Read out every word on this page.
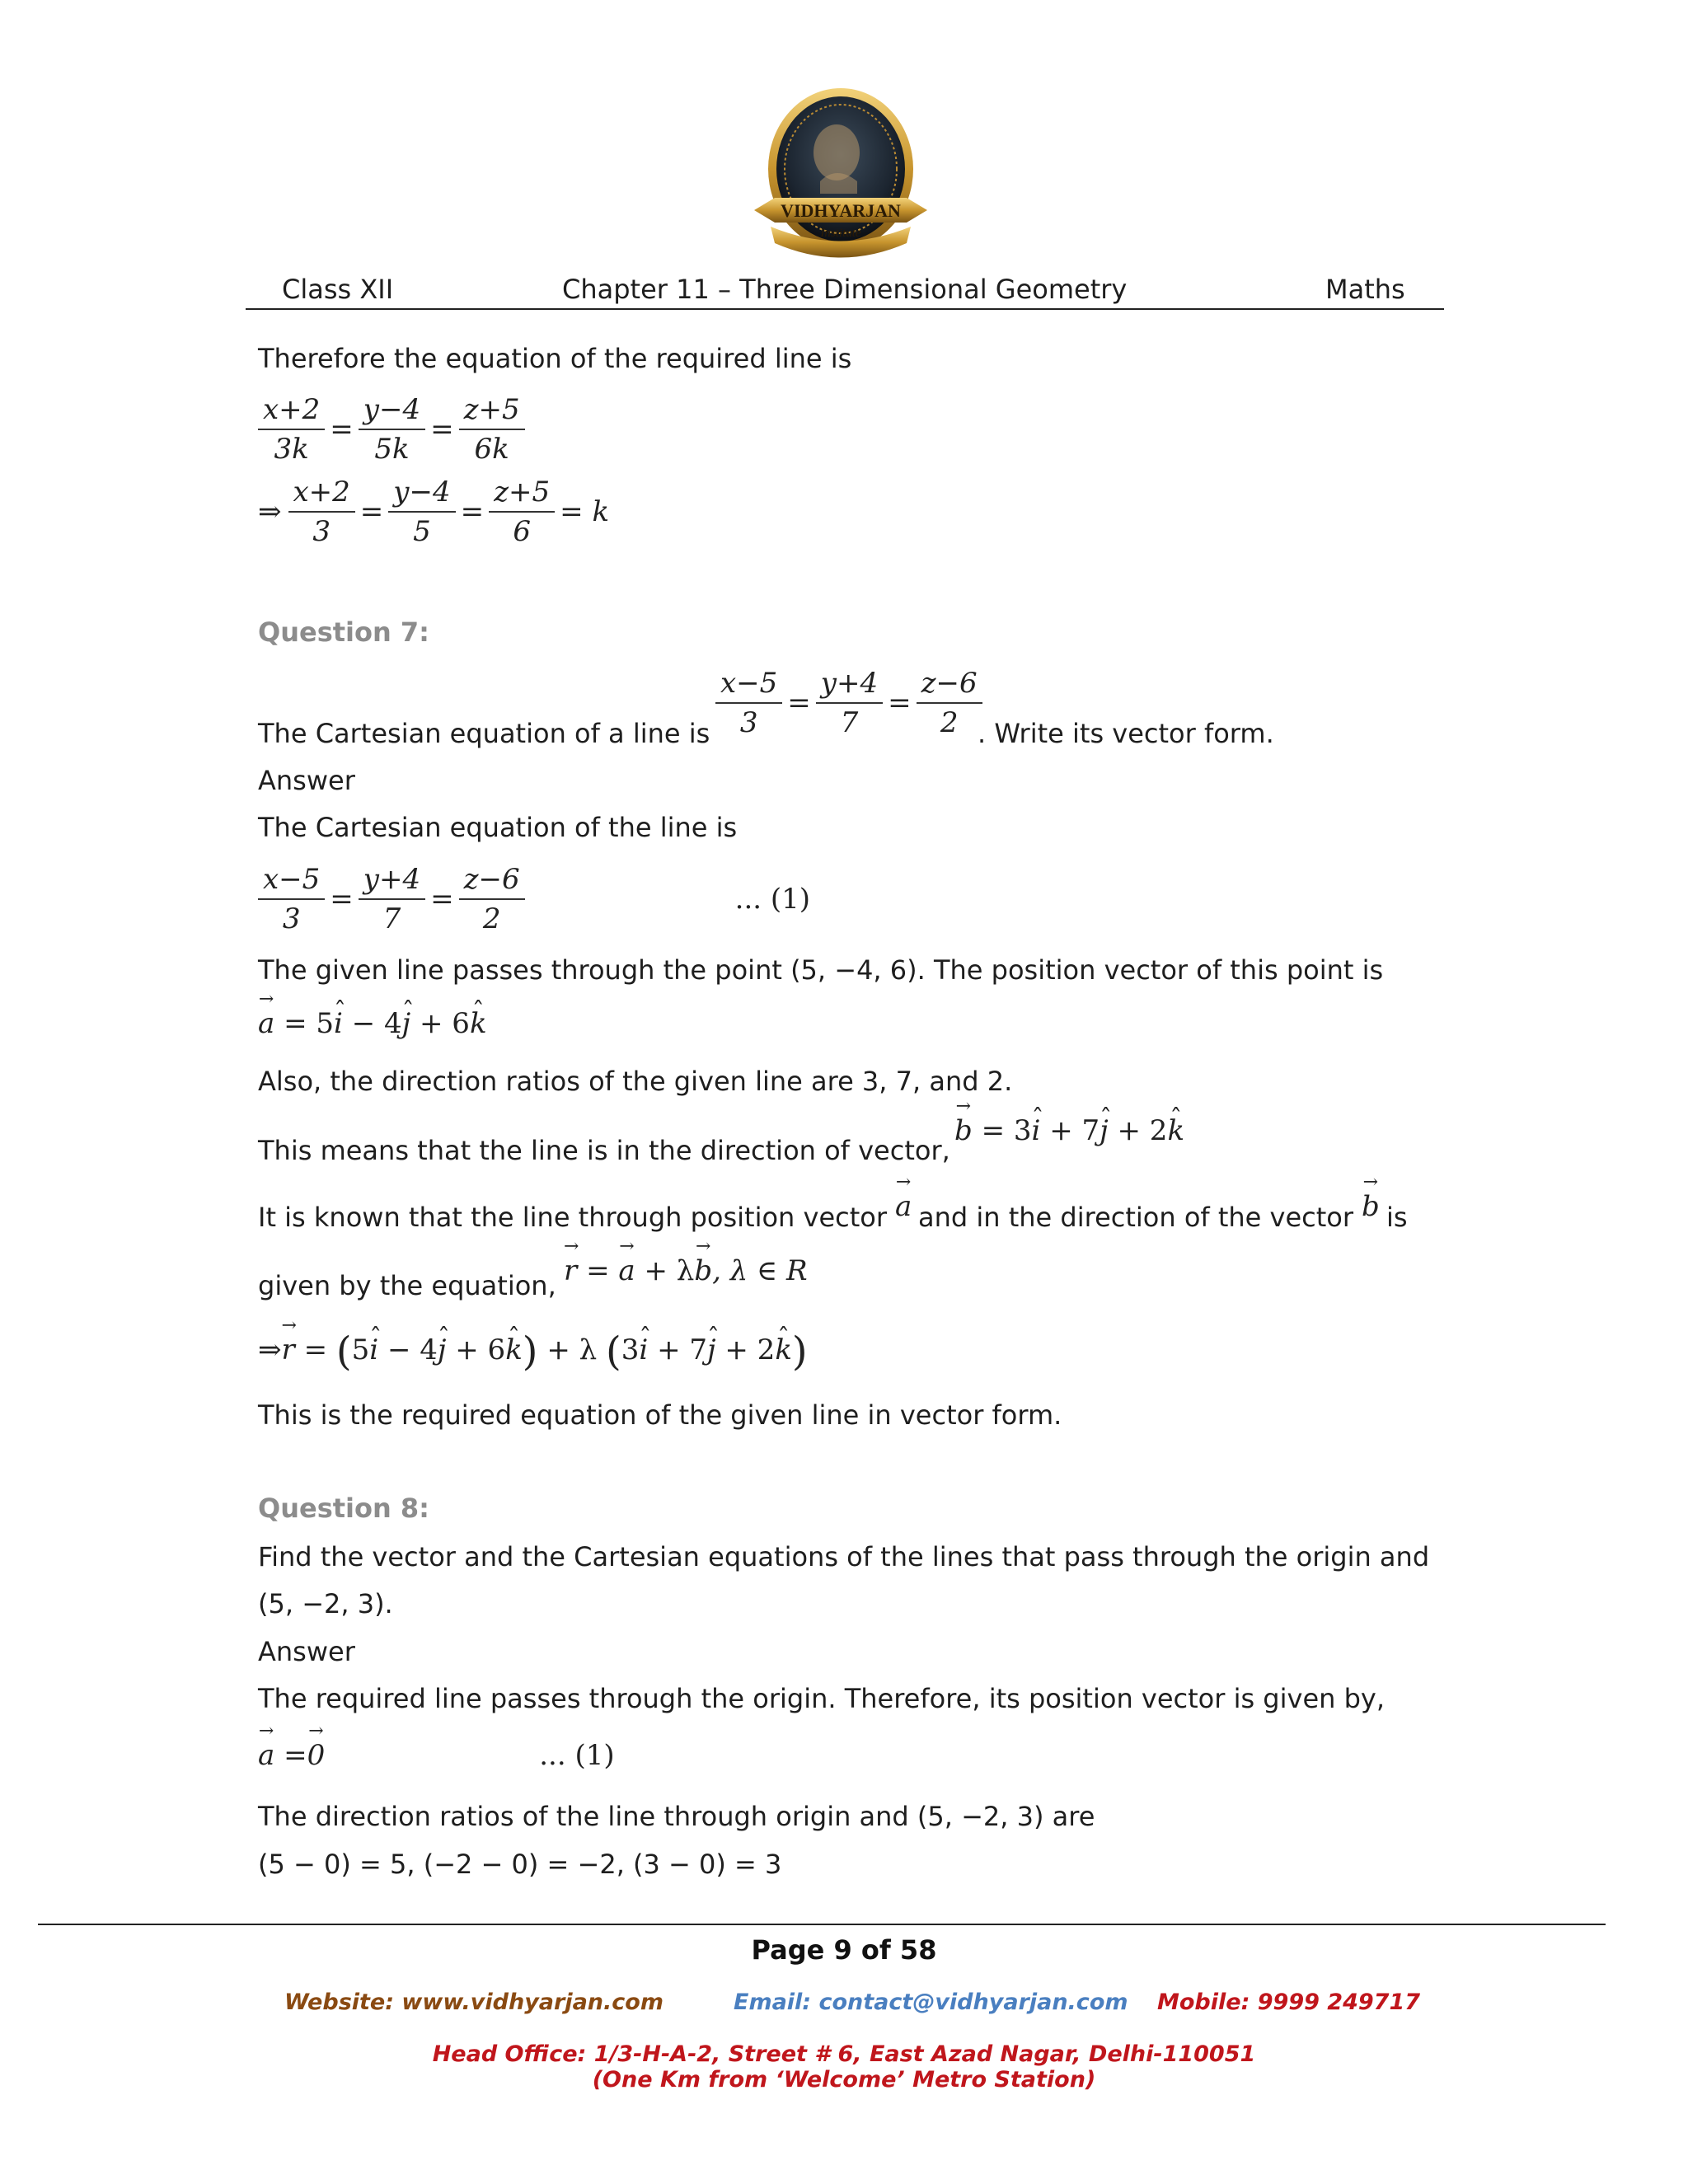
VIDHYARJAN
Institute
Class XII	Chapter 11 – Three Dimensional Geometry	Maths
Therefore the equation of the required line is
$\frac{x+2}{3k} = \frac{y-4}{5k} = \frac{z+5}{6k}$
⇒ $\frac{x+2}{3} = \frac{y-4}{5} = \frac{z+5}{6} = k$
Question 7:
The Cartesian equation of a line is $\frac{x-5}{3} = \frac{y+4}{7} = \frac{z-6}{2}$
. Write its vector form.
Answer
The Cartesian equation of the line is
$\frac{x-5}{3} = \frac{y+4}{7} = \frac{z-6}{2}$	... (1)
The given line passes through the point (5, −4, 6). The position vector of this point is
→ a = 5ˆ i − 4ˆ j + 6ˆ k
Also, the direction ratios of the given line are 3, 7, and 2.
This means that the line is in the direction of vector,
→ b = 3ˆ i + 7ˆ j + 2ˆ k
It is known that the line through position vector → a and in the direction of the vector → b is
given by the equation, → r = → a + λ→ b, λ ∈ R
⇒→ r = (5ˆ i − 4ˆ j + 6ˆ k) + λ (3ˆ i + 7ˆ j + 2ˆ k)
This is the required equation of the given line in vector form.
Question 8:
Find the vector and the Cartesian equations of the lines that pass through the origin and
(5, −2, 3).
Answer
The required line passes through the origin. Therefore, its position vector is given by,
→ a
= → 0	... (1)
The direction ratios of the line through origin and (5, −2, 3) are
(5 − 0) = 5, (−2 − 0) = −2, (3 − 0) = 3
Page 9 of 58
Website: www.vidhyarjan.com	Email: contact@vidhyarjan.com Mobile: 9999 249717
Head Office: 1/3-H-A-2, Street # 6, East Azad Nagar, Delhi-110051
(One Km from ‘Welcome’ Metro Station)
